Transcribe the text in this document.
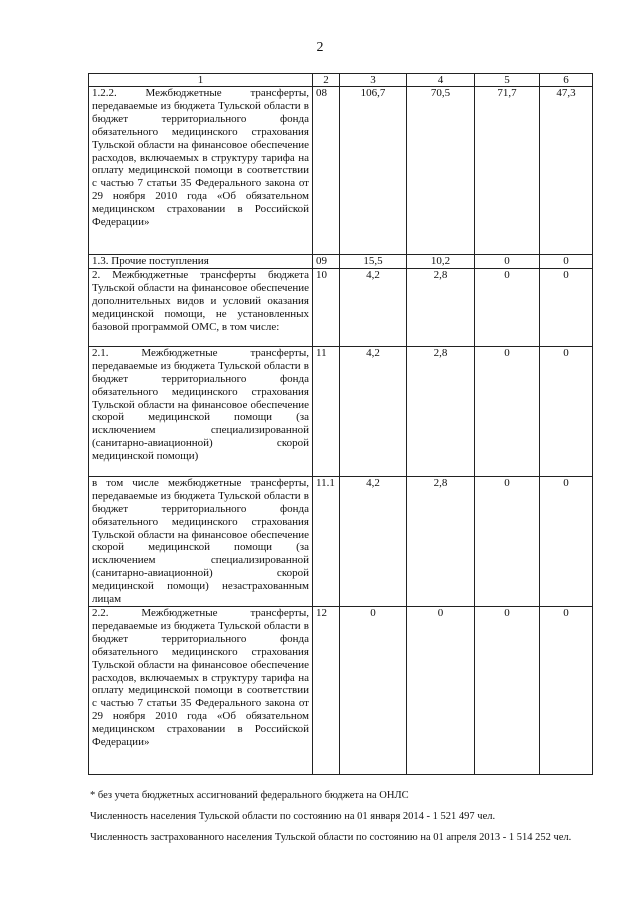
2
1	2	3	4	5	6
1.2.2. Межбюджетные трансферты, передаваемые из бюджета Тульской области в бюджет территориального фонда обязательного медицинского страхования Тульской области на финансовое обеспечение расходов, включаемых в структуру тарифа на оплату медицинской помощи в соответствии с частью 7 статьи 35 Федерального закона от 29 ноября 2010 года «Об обязательном медицинском страховании в Российской Федерации»	08	106,7	70,5	71,7	47,3
1.3. Прочие поступления	09	15,5	10,2	0	0
2. Межбюджетные трансферты бюджета Тульской области на финансовое обеспечение дополнительных видов и условий оказания медицинской помощи, не установленных базовой программой ОМС, в том числе:	10	4,2	2,8	0	0
2.1. Межбюджетные трансферты, передаваемые из бюджета Тульской области в бюджет территориального фонда обязательного медицинского страхования Тульской области на финансовое обеспечение скорой медицинской помощи (за исключением специализированной (санитарно-авиационной) скорой медицинской помощи)	11	4,2	2,8	0	0
в том числе межбюджетные трансферты, передаваемые из бюджета Тульской области в бюджет территориального фонда обязательного медицинского страхования Тульской области на финансовое обеспечение скорой медицинской помощи (за исключением специализированной (санитарно-авиационной) скорой медицинской помощи) незастрахованным лицам	11.1	4,2	2,8	0	0
2.2. Межбюджетные трансферты, передаваемые из бюджета Тульской области в бюджет территориального фонда обязательного медицинского страхования Тульской области на финансовое обеспечение расходов, включаемых в структуру тарифа на оплату медицинской помощи в соответствии с частью 7 статьи 35 Федерального закона от 29 ноября 2010 года «Об обязательном медицинском страховании в Российской Федерации»	12	0	0	0	0

* без учета бюджетных ассигнований федерального бюджета на ОНЛС

Численность населения Тульской области по состоянию на 01 января 2014 - 1 521 497 чел.

Численность застрахованного населения Тульской области по состоянию на 01 апреля 2013 - 1 514 252 чел.
